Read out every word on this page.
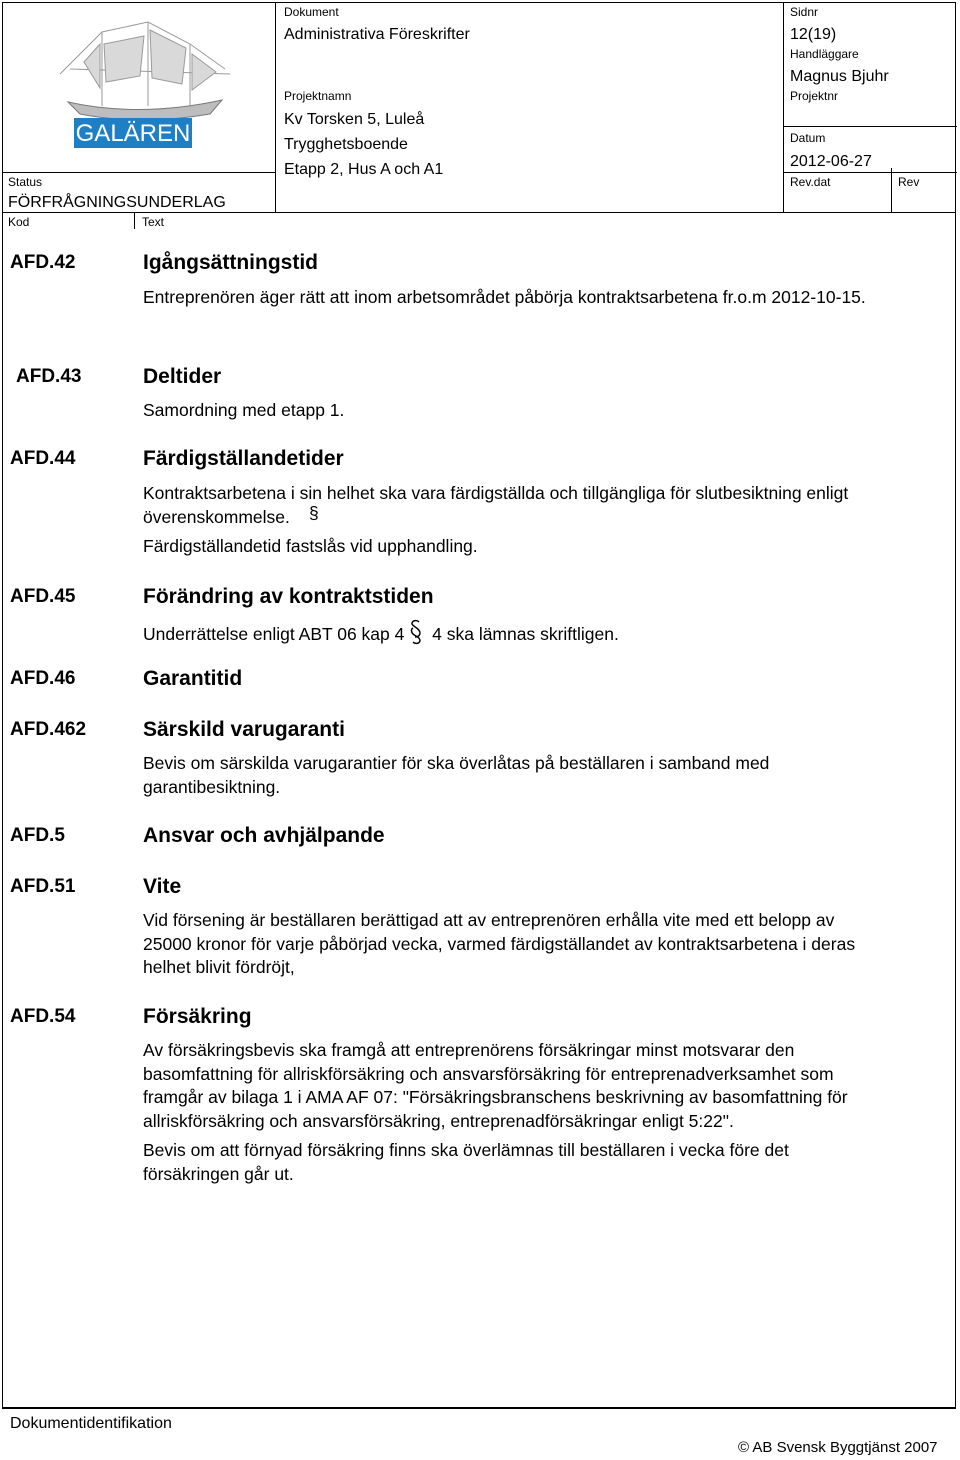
GALÄREN
Status
FÖRFRÅGNINGSUNDERLAG
Kod	Text
Dokument
Administrativa Föreskrifter
Projektnamn
Kv Torsken 5, Luleå
Trygghetsboende
Etapp 2, Hus A och A1
Sidnr
12(19)
Handläggare
Magnus Bjuhr
Projektnr
Datum
2012-06-27
Rev.dat	Rev
AFD.42	Igångsättningstid

Entreprenören äger rätt att inom arbetsområdet påbörja kontraktsarbetena fr.o.m 2012-10-15.

AFD.43	Deltider

Samordning med etapp 1.

AFD.44	Färdigställandetider

Kontraktsarbetena i sin helhet ska vara färdigställda och tillgängliga för slutbesiktning enligt överenskommelse.

Färdigställandetid fastslås vid upphandling.

AFD.45	Förändring av kontraktstiden
Underrättelse enligt ABT 06 kap 4
§
4 ska lämnas skriftligen.
AFD.46	Garantitid
AFD.462	Särskild varugaranti

Bevis om särskilda varugarantier för ska överlåtas på beställaren i samband med garantibesiktning.

AFD.5	Ansvar och avhjälpande
AFD.51	Vite

Vid försening är beställaren berättigad att av entreprenören erhålla vite med ett belopp av 25000 kronor för varje påbörjad vecka, varmed färdigställandet av kontraktsarbetena i deras helhet blivit fördröjt,

AFD.54	Försäkring

Av försäkringsbevis ska framgå att entreprenörens försäkringar minst motsvarar den basomfattning för allriskförsäkring och ansvarsförsäkring för entreprenadverksamhet som framgår av bilaga 1 i AMA AF 07: "Försäkringsbranschens beskrivning av basomfattning för allriskförsäkring och ansvarsförsäkring, entreprenadförsäkringar enligt 5:22".

Bevis om att förnyad försäkring finns ska överlämnas till beställaren i vecka före det försäkringen går ut.

Dokumentidentifikation
© AB Svensk Byggtjänst 2007
